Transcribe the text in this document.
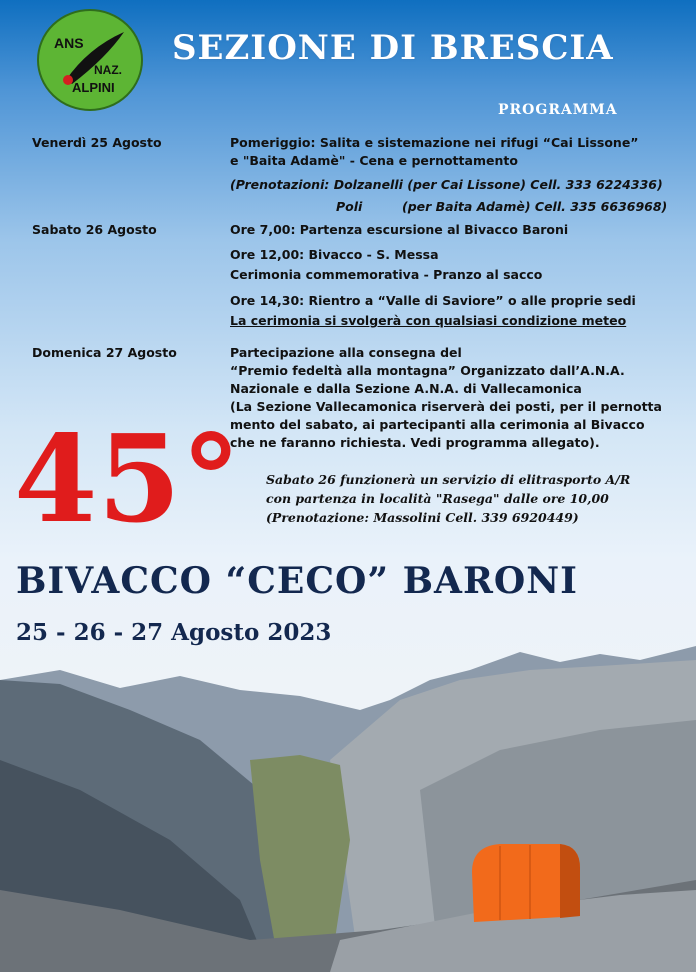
ANS
NAZ.
ALPINI
SEZIONE DI BRESCIA
PROGRAMMA
Venerdì 25 Agosto	Pomeriggio: Salita e sistemazione nei rifugi “Cai Lissone”
e "Baita Adamè" - Cena e pernottamento
(Prenotazioni: Dolzanelli (per Cai Lissone) Cell. 333 6224336)
Poli	(per Baita Adamè) Cell. 335 6636968)
Sabato 26 Agosto	Ore 7,00: Partenza escursione al Bivacco Baroni
Ore 12,00: Bivacco - S. Messa
Cerimonia commemorativa - Pranzo al sacco
Ore 14,30: Rientro a “Valle di Saviore” o alle proprie sedi
La cerimonia si svolgerà con qualsiasi condizione meteo
Domenica 27 Agosto	Partecipazione alla consegna del
“Premio fedeltà alla montagna” Organizzato dall’A.N.A.
Nazionale e dalla Sezione A.N.A. di Vallecamonica
(La Sezione Vallecamonica riserverà dei posti, per il pernotta
mento del sabato, ai partecipanti alla cerimonia al Bivacco
che ne faranno richiesta. Vedi programma allegato).
45° Sabato 26 funzionerà un servizio di elitrasporto A/R
con partenza in località "Rasega" dalle ore 10,00
(Prenotazione: Massolini Cell. 339 6920449)
BIVACCO “CECO” BARONI
25 - 26 - 27 Agosto 2023
